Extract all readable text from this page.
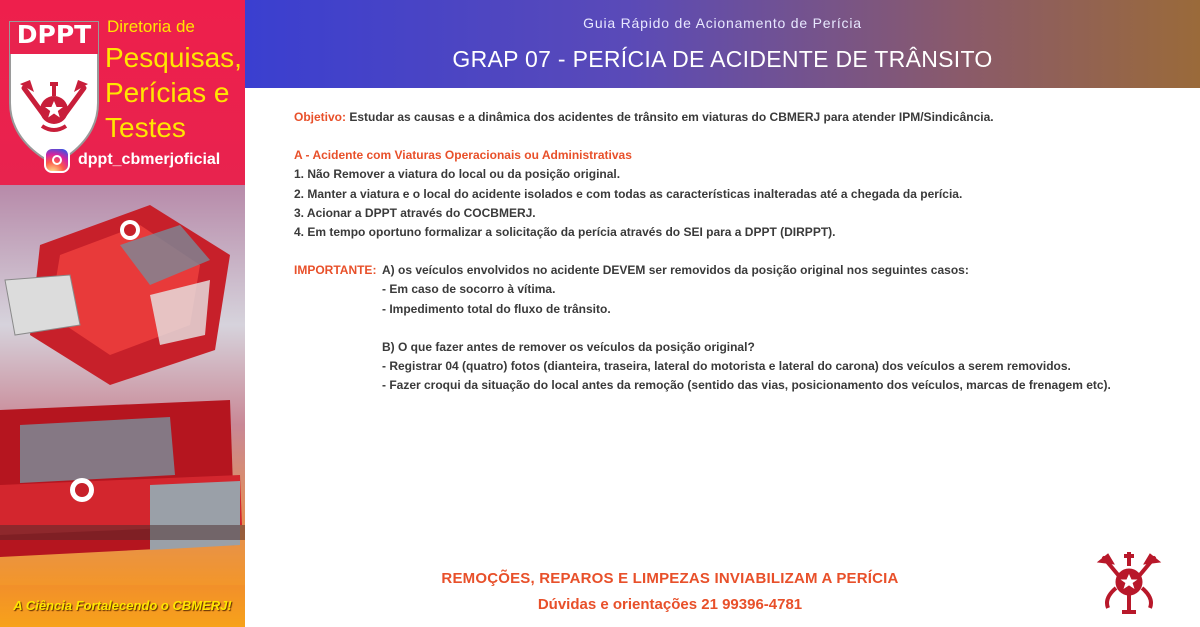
DPPT Diretoria de
Pesquisas,
Perícias e
Testes
dppt_cbmerjoficial
A Ciência Fortalecendo o CBMERJ!
Guia Rápido de Acionamento de Perícia
GRAP 07 - PERÍCIA DE ACIDENTE DE TRÂNSITO
Objetivo: Estudar as causas e a dinâmica dos acidentes de trânsito em viaturas do CBMERJ para atender IPM/Sindicância.
A - Acidente com Viaturas Operacionais ou Administrativas
1. Não Remover a viatura do local ou da posição original.
2. Manter a viatura e o local do acidente isolados e com todas as características inalteradas até a chegada da perícia.
3. Acionar a DPPT através do COCBMERJ.
4. Em tempo oportuno formalizar a solicitação da perícia através do SEI para a DPPT (DIRPPT).
IMPORTANTE: A) os veículos envolvidos no acidente DEVEM ser removidos da posição original nos seguintes casos:
- Em caso de socorro à vítima.
- Impedimento total do fluxo de trânsito.
B) O que fazer antes de remover os veículos da posição original?
- Registrar 04 (quatro) fotos (dianteira, traseira, lateral do motorista e lateral do carona) dos veículos a serem removidos.
- Fazer croqui da situação do local antes da remoção (sentido das vias, posicionamento dos veículos, marcas de frenagem etc).
REMOÇÕES, REPAROS E LIMPEZAS INVIABILIZAM A PERÍCIA
Dúvidas e orientações 21 99396-4781
